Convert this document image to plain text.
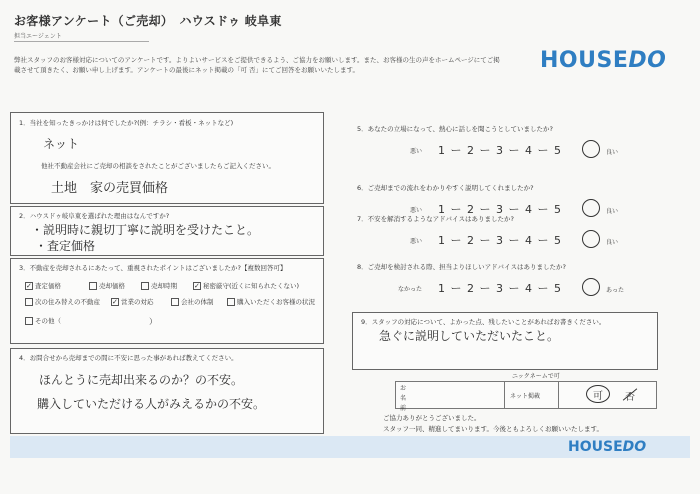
お客様アンケート（ご売却）　ハウスドゥ 岐阜東
担当エージェント
HOUSEDO
弊社スタッフのお客様対応についてのアンケートです。よりよいサービスをご提供できるよう、ご協力をお願いします。また、お客様の生の声をホームページにてご掲載させて頂きたく、お願い申し上げます。アンケートの最後にネット掲載の「可 否」にてご回答をお願いいたします。
1．当社を知ったきっかけは何でしたか?(例：チラシ・看板・ネットなど)
ネット
他社不動産会社にご売却の相談をされたことがございましたらご記入ください。
土地　家の売買価格
2．ハウスドゥ岐阜東を選ばれた理由はなんですか?
・説明時に親切丁寧に説明を受けたこと。
・査定価格
3．不動産を売却されるにあたって、重視されたポイントはございましたか?【複数回答可】
）
✓ 査定価格	売却価格	売却時期 ✓ 秘密厳守(近くに知られたくない)
次の住み替えの不動産 ✓ 営業の対応	会社の体制	購入いただくお客様の状況
その他（
4．お問合せから売却までの間に不安に思った事があれば教えてください。
ほんとうに売却出来るのか？の不安。
購入していただける人がみえるかの不安。
9．スタッフの対応について、よかった点、残したいことがあればお書きください。
急ぐに説明していただいたこと。
ニックネームで可
お名前
ネット掲載	可 否
ご協力ありがとうございました。
スタッフ一同、精進してまいります。今後ともよろしくお願いいたします。
HOUSEDO
5．あなたの立場になって、熱心に話しを聞こうとしていましたか?
悪い 1 ー 2 ー 3 ー 4 ー 5	良い
6．ご売却までの流れをわかりやすく説明してくれましたか?
悪い 1 ー 2 ー 3 ー 4 ー 5	良い
7．不安を解消するようなアドバイスはありましたか?
悪い 1 ー 2 ー 3 ー 4 ー 5	良い
8．ご売却を検討される際、担当よりほしいアドバイスはありましたか?
なかった 1 ー 2 ー 3 ー 4 ー 5	あった
